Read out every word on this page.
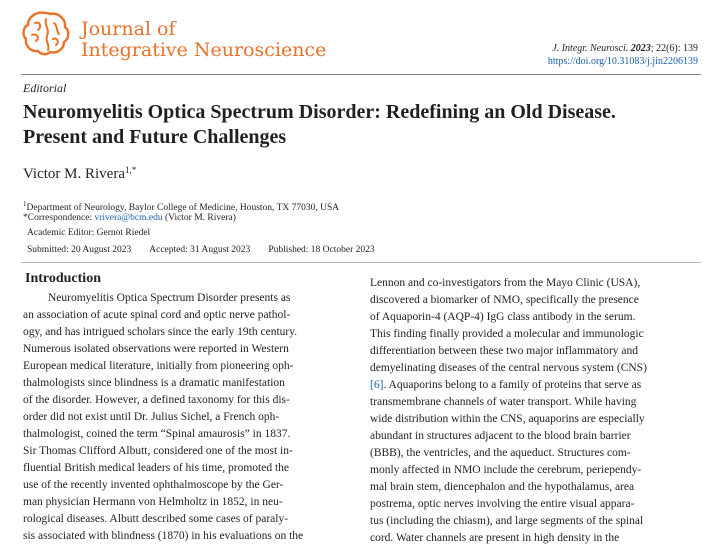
Journal of
Integrative Neuroscience	J. Integr. Neurosci. 2023; 22(6): 139
https://doi.org/10.31083/j.jin2206139
Editorial
Neuromyelitis Optica Spectrum Disorder: Redefining an Old Disease.
Present and Future Challenges
Victor M. Rivera$^{1,*}$
$^1$Department of Neurology, Baylor College of Medicine, Houston, TX 77030, USA
*Correspondence: vrivera@bcm.edu (Victor M. Rivera)
Academic Editor: Gernot Riedel
Submitted: 20 August 2023 Accepted: 31 August 2023 Published: 18 October 2023
Introduction
Neuromyelitis Optica Spectrum Disorder presents as
an association of acute spinal cord and optic nerve pathol-
ogy, and has intrigued scholars since the early 19th century.
Numerous isolated observations were reported in Western
European medical literature, initially from pioneering oph-
thalmologists since blindness is a dramatic manifestation
of the disorder. However, a defined taxonomy for this dis-
order did not exist until Dr. Julius Sichel, a French oph-
thalmologist, coined the term “Spinal amaurosis” in 1837.
Sir Thomas Clifford Albutt, considered one of the most in-
fluential British medical leaders of his time, promoted the
use of the recently invented ophthalmoscope by the Ger-
man physician Hermann von Helmholtz in 1852, in neu-
rological diseases. Albutt described some cases of paraly-
sis associated with blindness (1870) in his evaluations on the
Lennon and co-investigators from the Mayo Clinic (USA),
discovered a biomarker of NMO, specifically the presence
of Aquaporin-4 (AQP-4) IgG class antibody in the serum.
This finding finally provided a molecular and immunologic
differentiation between these two major inflammatory and
demyelinating diseases of the central nervous system (CNS)
[6]. Aquaporins belong to a family of proteins that serve as
transmembrane channels of water transport. While having
wide distribution within the CNS, aquaporins are especially
abundant in structures adjacent to the blood brain barrier
(BBB), the ventricles, and the aqueduct. Structures com-
monly affected in NMO include the cerebrum, periependy-
mal brain stem, diencephalon and the hypothalamus, area
postrema, optic nerves involving the entire visual appara-
tus (including the chiasm), and large segments of the spinal
cord. Water channels are present in high density in the
